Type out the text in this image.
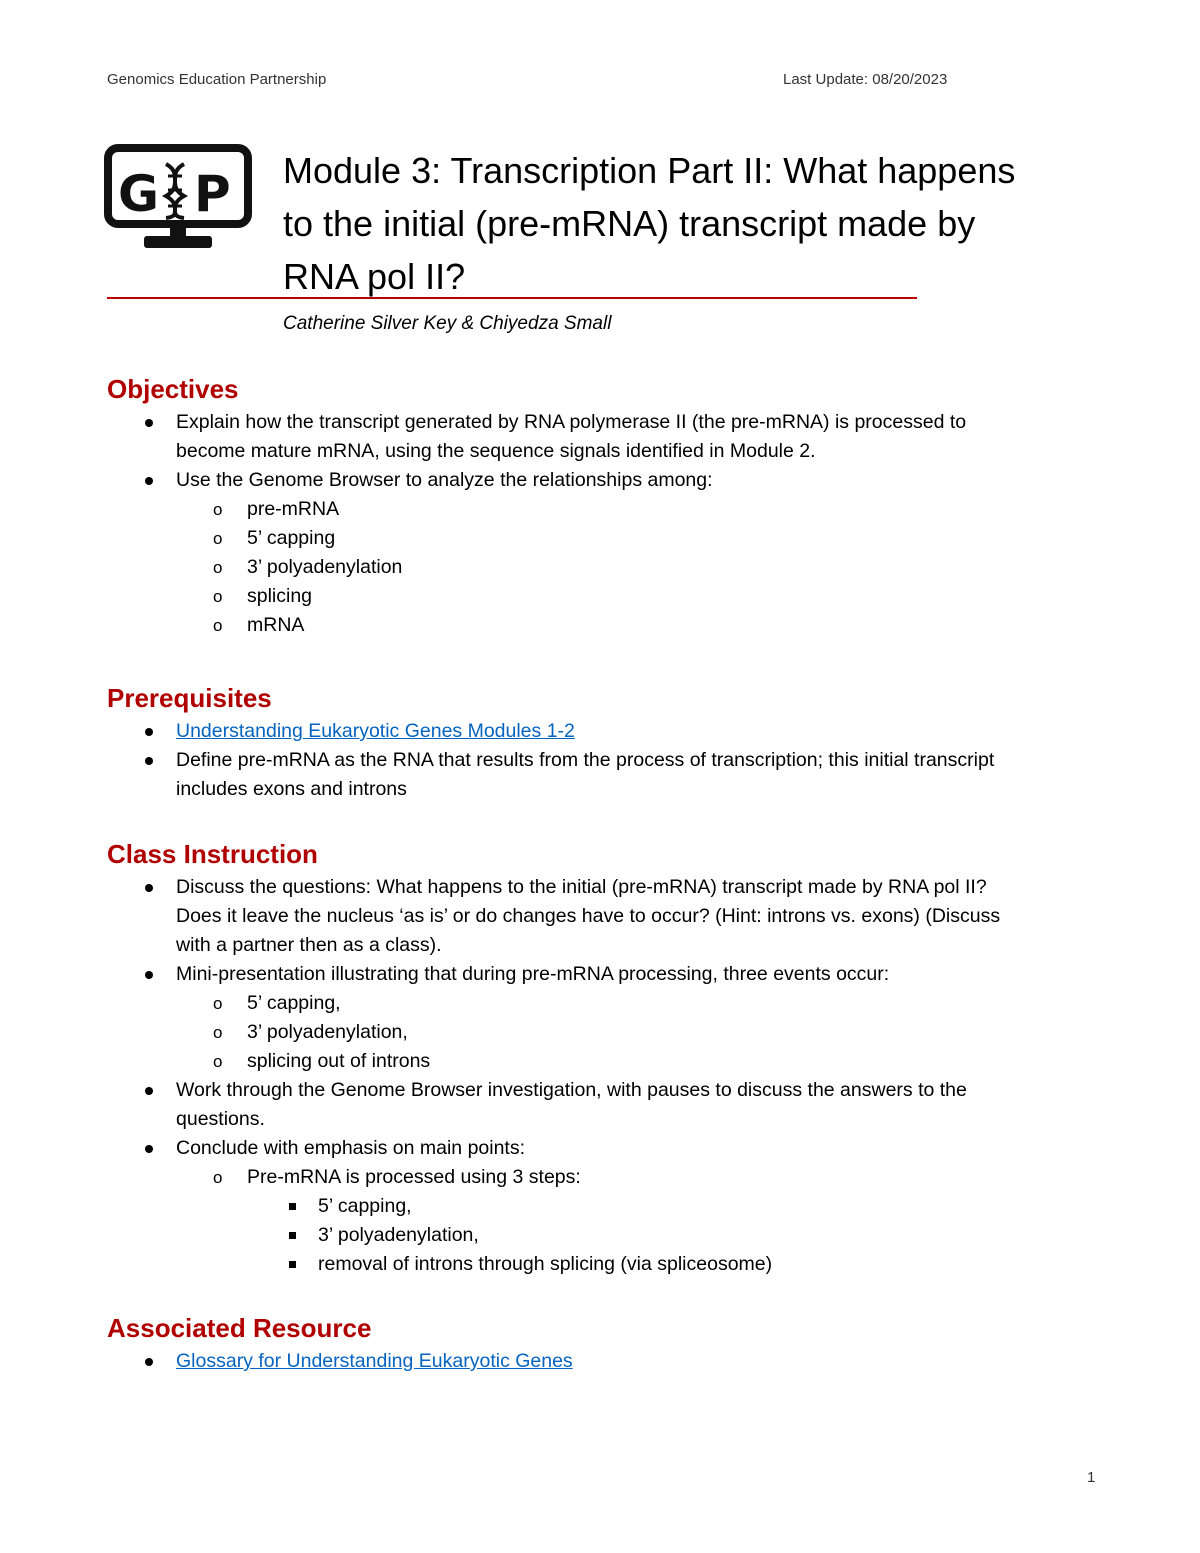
Genomics Education Partnership	Last Update: 08/20/2023
G P Module 3: Transcription Part II: What happens
to the initial (pre-mRNA) transcript made by
RNA pol II?
Catherine Silver Key & Chiyedza Small
Objectives
Explain how the transcript generated by RNA polymerase II (the pre-mRNA) is processed to
become mature mRNA, using the sequence signals identified in Module 2.
Use the Genome Browser to analyze the relationships among:
o pre-mRNA
o 5’ capping
o 3’ polyadenylation
o splicing
o mRNA
Prerequisites
Understanding Eukaryotic Genes Modules 1-2
Define pre-mRNA as the RNA that results from the process of transcription; this initial transcript
includes exons and introns
Class Instruction
Discuss the questions: What happens to the initial (pre-mRNA) transcript made by RNA pol II?
Does it leave the nucleus ‘as is’ or do changes have to occur? (Hint: introns vs. exons) (Discuss
with a partner then as a class).
Mini-presentation illustrating that during pre-mRNA processing, three events occur:
o 5’ capping,
o 3’ polyadenylation,
o splicing out of introns
Work through the Genome Browser investigation, with pauses to discuss the answers to the
questions.
Conclude with emphasis on main points:
o Pre-mRNA is processed using 3 steps:
5’ capping,
3’ polyadenylation,
removal of introns through splicing (via spliceosome)
Associated Resource
Glossary for Understanding Eukaryotic Genes
1
